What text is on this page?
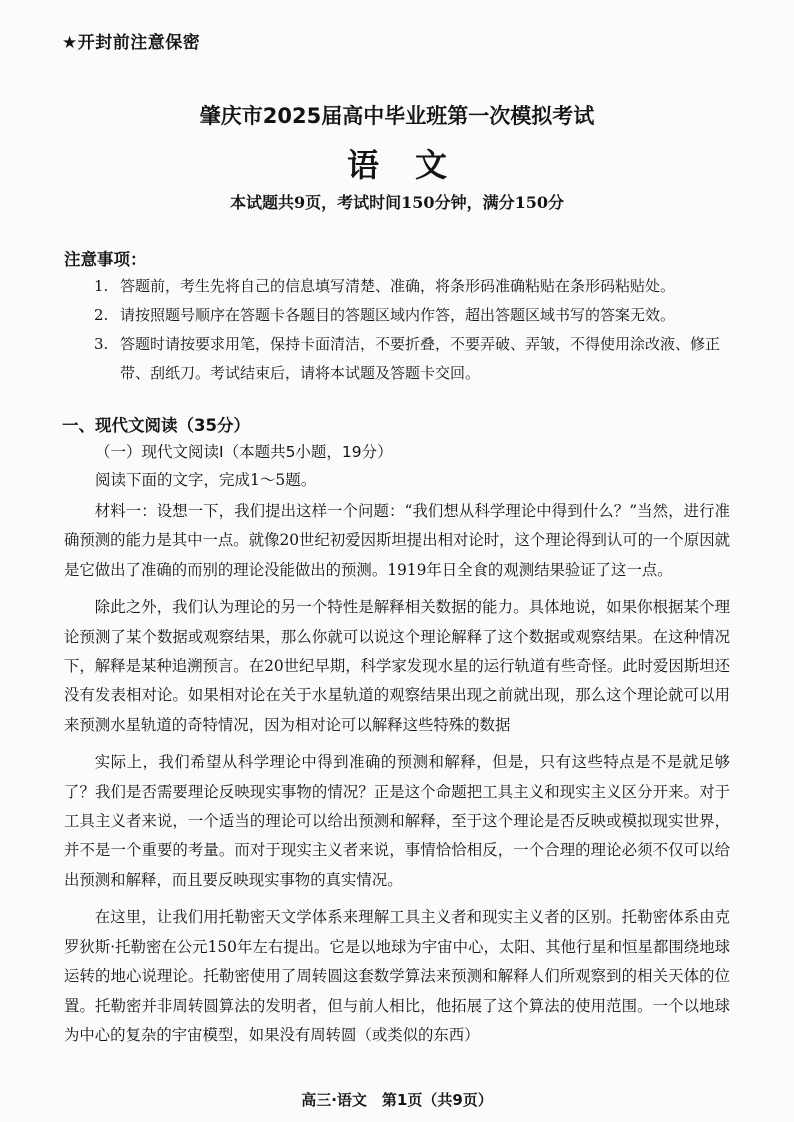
★开封前注意保密
肇庆市2025届高中毕业班第一次模拟考试
语文
本试题共9页，考试时间150分钟，满分150分
注意事项：
1. 答题前，考生先将自己的信息填写清楚、准确，将条形码准确粘贴在条形码粘贴处。
2. 请按照题号顺序在答题卡各题目的答题区域内作答，超出答题区域书写的答案无效。
3. 答题时请按要求用笔，保持卡面清洁，不要折叠，不要弄破、弄皱，不得使用涂改液、修正带、刮纸刀。考试结束后，请将本试题及答题卡交回。
一、现代文阅读（35分）
（一）现代文阅读Ⅰ（本题共5小题，19分）
阅读下面的文字，完成1～5题。

材料一：设想一下，我们提出这样一个问题：“我们想从科学理论中得到什么？”当然，进行准确预测的能力是其中一点。就像20世纪初爱因斯坦提出相对论时，这个理论得到认可的一个原因就是它做出了准确的而别的理论没能做出的预测。1919年日全食的观测结果验证了这一点。

除此之外，我们认为理论的另一个特性是解释相关数据的能力。具体地说，如果你根据某个理论预测了某个数据或观察结果，那么你就可以说这个理论解释了这个数据或观察结果。在这种情况下，解释是某种追溯预言。在20世纪早期，科学家发现水星的运行轨道有些奇怪。此时爱因斯坦还没有发表相对论。如果相对论在关于水星轨道的观察结果出现之前就出现，那么这个理论就可以用来预测水星轨道的奇特情况，因为相对论可以解释这些特殊的数据

实际上，我们希望从科学理论中得到准确的预测和解释，但是，只有这些特点是不是就足够了？我们是否需要理论反映现实事物的情况？正是这个命题把工具主义和现实主义区分开来。对于工具主义者来说，一个适当的理论可以给出预测和解释，至于这个理论是否反映或模拟现实世界，并不是一个重要的考量。而对于现实主义者来说，事情恰恰相反，一个合理的理论必须不仅可以给出预测和解释，而且要反映现实事物的真实情况。

在这里，让我们用托勒密天文学体系来理解工具主义者和现实主义者的区别。托勒密体系由克罗狄斯·托勒密在公元150年左右提出。它是以地球为宇宙中心，太阳、其他行星和恒星都围绕地球运转的地心说理论。托勒密使用了周转圆这套数学算法来预测和解释人们所观察到的相关天体的位置。托勒密并非周转圆算法的发明者，但与前人相比，他拓展了这个算法的使用范围。一个以地球为中心的复杂的宇宙模型，如果没有周转圆（或类似的东西）

高三·语文　第1页（共9页）
